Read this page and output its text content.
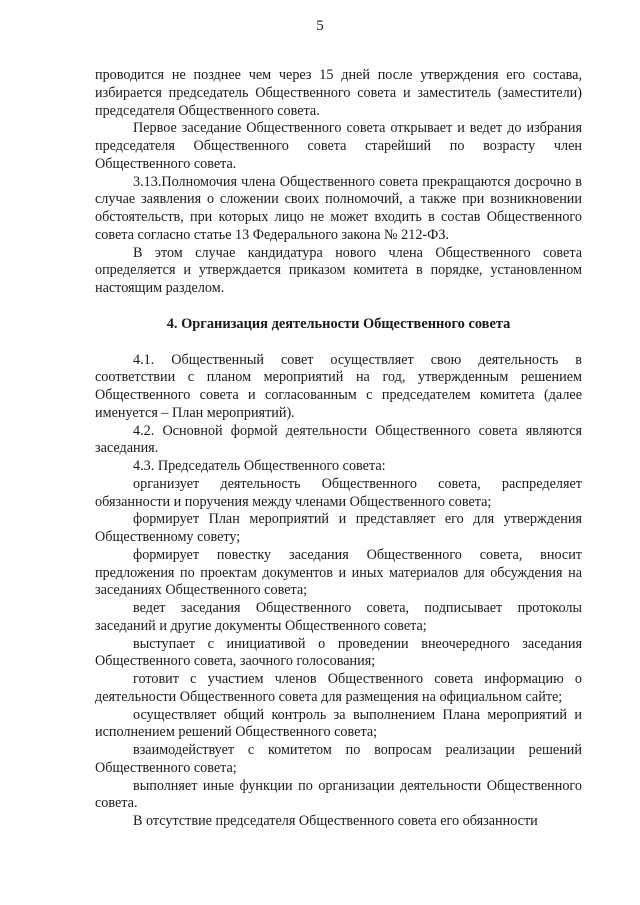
5

проводится не позднее чем через 15 дней после утверждения его состава, избирается председатель Общественного совета и заместитель (заместители) председателя Общественного совета.

Первое заседание Общественного совета открывает и ведет до избрания председателя Общественного совета старейший по возрасту член Общественного совета.

3.13.Полномочия члена Общественного совета прекращаются досрочно в случае заявления о сложении своих полномочий, а также при возникновении обстоятельств, при которых лицо не может входить в состав Общественного совета согласно статье 13 Федерального закона № 212-ФЗ.

В этом случае кандидатура нового члена Общественного совета определяется и утверждается приказом комитета в порядке, установленном настоящим разделом.

4. Организация деятельности Общественного совета

4.1. Общественный совет осуществляет свою деятельность в соответствии с планом мероприятий на год, утвержденным решением Общественного совета и согласованным с председателем комитета (далее именуется – План мероприятий).

4.2. Основной формой деятельности Общественного совета являются заседания.

4.3. Председатель Общественного совета:

организует деятельность Общественного совета, распределяет обязанности и поручения между членами Общественного совета;

формирует План мероприятий и представляет его для утверждения Общественному совету;

формирует повестку заседания Общественного совета, вносит предложения по проектам документов и иных материалов для обсуждения на заседаниях Общественного совета;

ведет заседания Общественного совета, подписывает протоколы заседаний и другие документы Общественного совета;

выступает с инициативой о проведении внеочередного заседания Общественного совета, заочного голосования;

готовит с участием членов Общественного совета информацию о деятельности Общественного совета для размещения на официальном сайте;

осуществляет общий контроль за выполнением Плана мероприятий и исполнением решений Общественного совета;

взаимодействует с комитетом по вопросам реализации решений Общественного совета;

выполняет иные функции по организации деятельности Общественного совета.

В отсутствие председателя Общественного совета его обязанности
